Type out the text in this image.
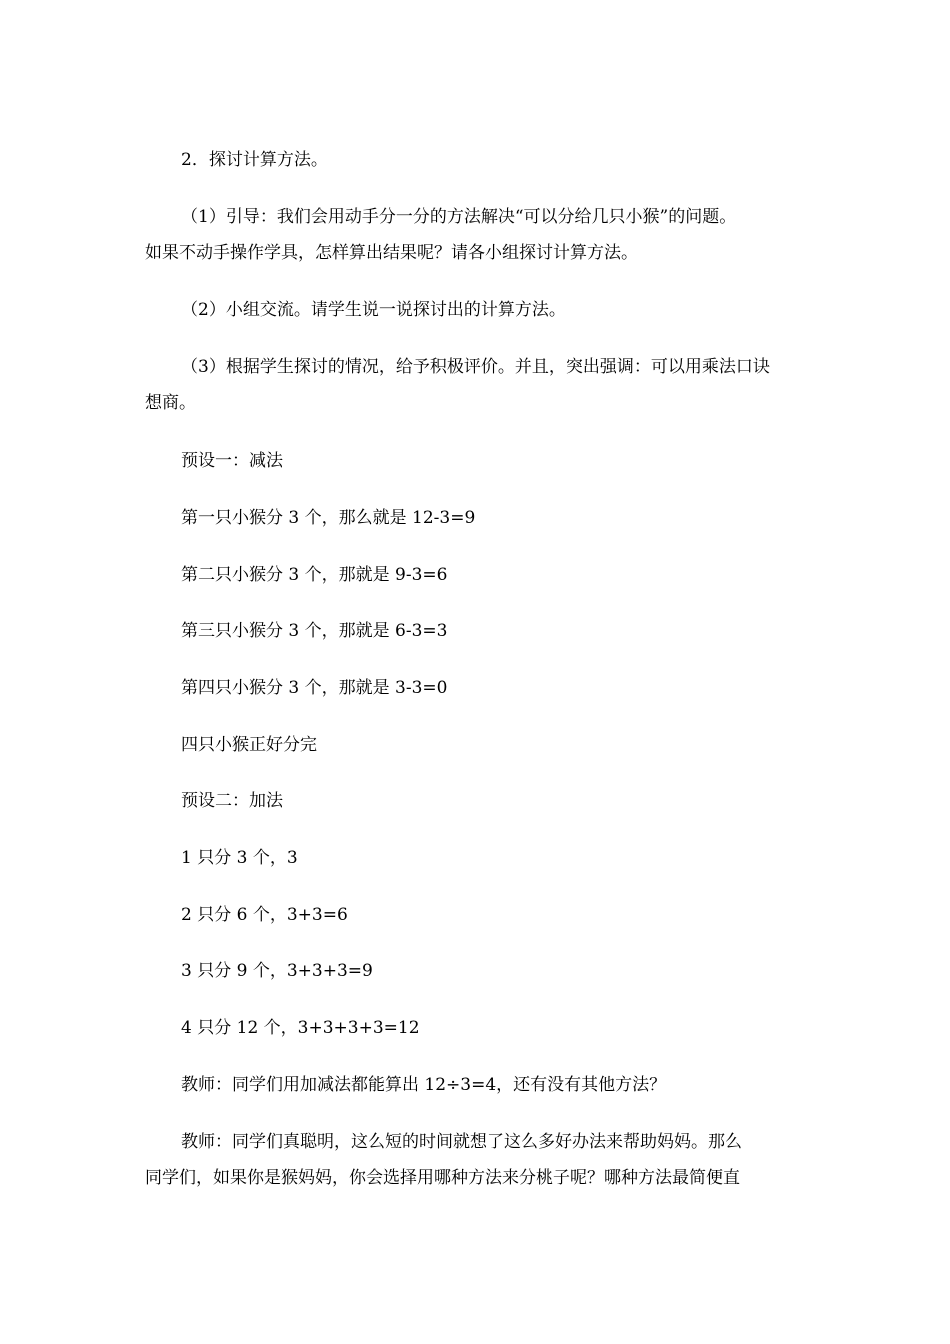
2．探讨计算方法。

（1）引导：我们会用动手分一分的方法解决“可以分给几只小猴”的问题。

如果不动手操作学具，怎样算出结果呢？请各小组探讨计算方法。

（2）小组交流。请学生说一说探讨出的计算方法。

（3）根据学生探讨的情况，给予积极评价。并且，突出强调：可以用乘法口诀

想商。

预设一：减法

第一只小猴分 3 个，那么就是 12-3=9

第二只小猴分 3 个，那就是 9-3=6

第三只小猴分 3 个，那就是 6-3=3

第四只小猴分 3 个，那就是 3-3=0

四只小猴正好分完

预设二：加法

1 只分 3 个，3

2 只分 6 个，3+3=6

3 只分 9 个，3+3+3=9

4 只分 12 个，3+3+3+3=12

教师：同学们用加减法都能算出 12÷3=4，还有没有其他方法？

教师：同学们真聪明，这么短的时间就想了这么多好办法来帮助妈妈。那么

同学们，如果你是猴妈妈，你会选择用哪种方法来分桃子呢？哪种方法最简便直
